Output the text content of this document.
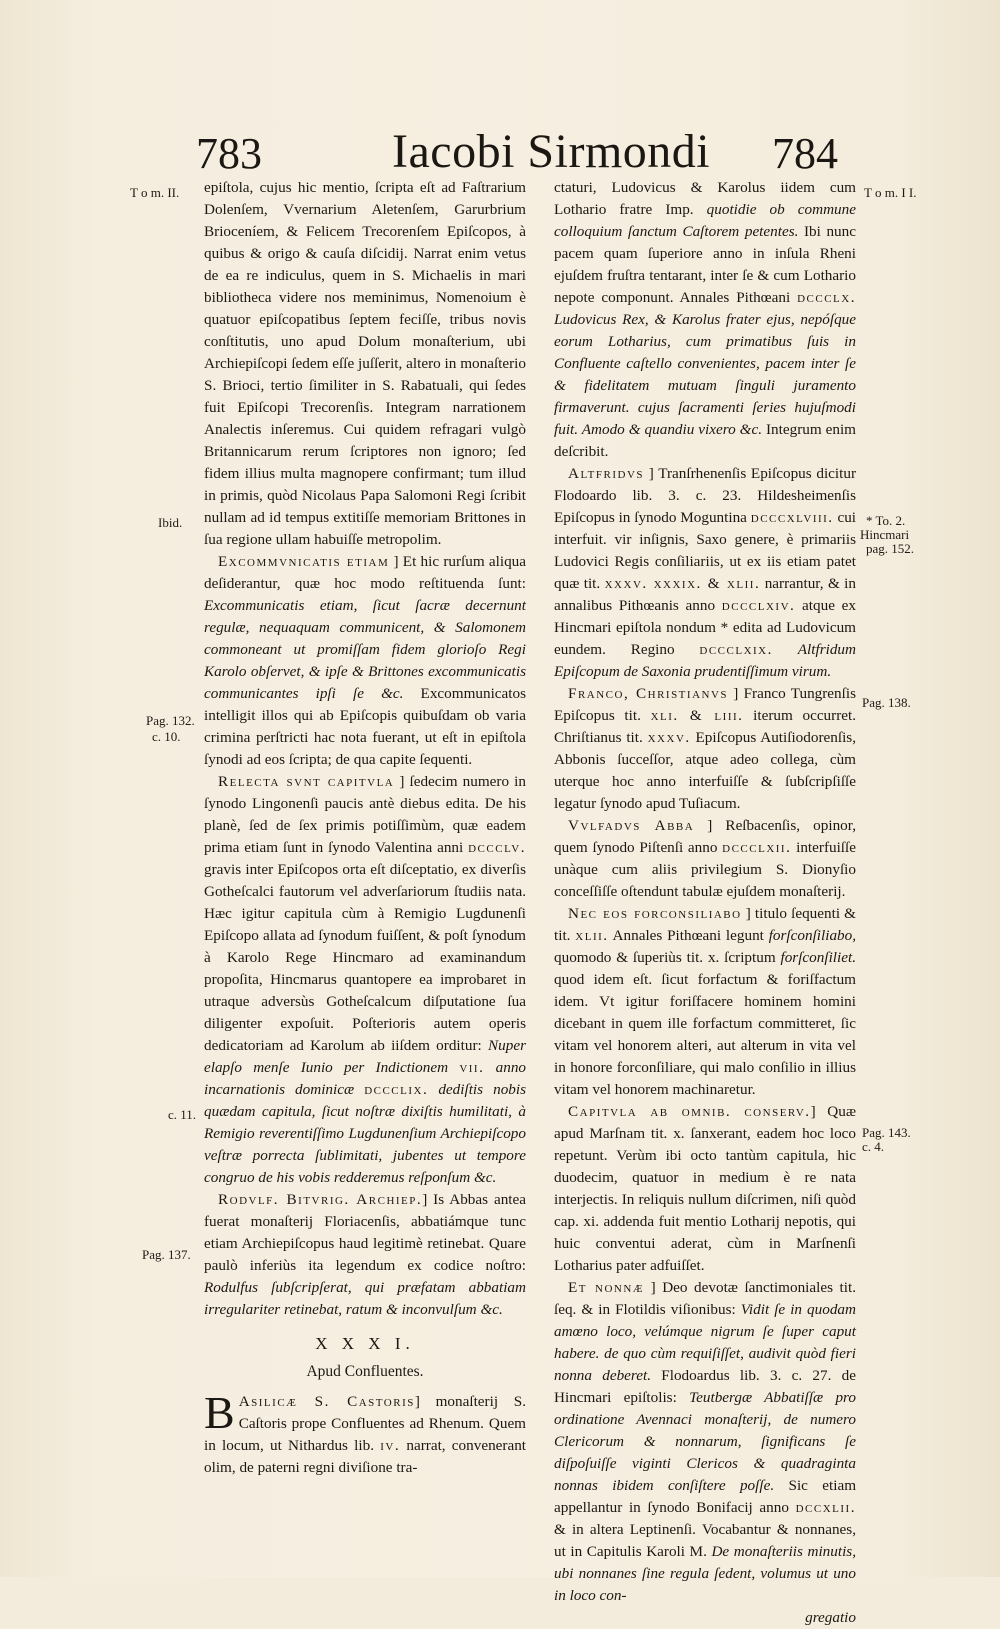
783	Iacobi Sirmondi 784
T o m. II.
Ibid.
Pag. 132.
c. 10.
c. 11.
Pag. 137.
T o m. I I.
* To. 2.
Hincmari
pag. 152.
Pag. 138.
Pag. 143.
c. 4.

epiſtola, cujus hic mentio, ſcripta eſt ad Faſtrarium Dolenſem, Vvernarium Aletenſem, Garurbrium Brioceníem, & Felicem Trecorenſem Epiſcopos, à quibus & origo & cauſa diſcidij. Narrat enim vetus de ea re indiculus, quem in S. Michaelis in mari bibliotheca videre nos meminimus, Nomenoium è quatuor epiſcopatibus ſeptem feciſſe, tribus novis conſtitutis, uno apud Dolum monaſterium, ubi Archiepiſcopi ſedem eſſe juſſerit, altero in monaſterio S. Brioci, tertio ſimiliter in S. Rabatuali, qui ſedes fuit Epiſcopi Trecorenſis. Integram narrationem Analectis inſeremus. Cui quidem refragari vulgò Britannicarum rerum ſcriptores non ignoro; ſed fidem illius multa magnopere confirmant; tum illud in primis, quòd Nicolaus Papa Salomoni Regi ſcribit nullam ad id tempus extitiſſe memoriam Brittones in ſua regione ullam habuiſſe metropolim.

Excommvnicatis etiam ] Et hic rurſum aliqua deſiderantur, quæ hoc modo reſtituenda ſunt: Excommunicatis etiam, ſicut ſacræ decernunt regulæ, nequaquam communicent, & Salomonem commoneant ut promiſſam fidem glorioſo Regi Karolo obſervet, & ipſe & Brittones excommunicatis communicantes ipſi ſe &c. Excommunicatos intelligit illos qui ab Epiſcopis quibuſdam ob varia crimina perſtricti hac nota fuerant, ut eſt in epiſtola ſynodi ad eos ſcripta; de qua capite ſequenti.

Relecta svnt capitvla ] ſedecim numero in ſynodo Lingonenſi paucis antè diebus edita. De his planè, ſed de ſex primis potiſſimùm, quæ eadem prima etiam ſunt in ſynodo Valentina anni dccclv. gravis inter Epiſcopos orta eſt diſceptatio, ex diverſis Gotheſcalci fautorum vel adverſariorum ſtudiis nata. Hæc igitur capitula cùm à Remigio Lugdunenſi Epiſcopo allata ad ſynodum fuiſſent, & poſt ſynodum à Karolo Rege Hincmaro ad examinandum propoſita, Hincmarus quantopere ea improbaret in utraque adversùs Gotheſcalcum diſputatione ſua diligenter expoſuit. Poſterioris autem operis dedicatoriam ad Karolum ab iiſdem orditur: Nuper elapſo menſe Iunio per Indictionem vii. anno incarnationis dominicæ dccclix. dediſtis nobis quædam capitula, ſicut noſtræ dixiſtis humilitati, à Remigio reverentiſſimo Lugdunenſium Archiepiſcopo veſtræ porrecta ſublimitati, jubentes ut tempore congruo de his vobis redderemus reſponſum &c.

Rodvlf. Bitvrig. Archiep.] Is Abbas antea fuerat monaſterij Floriacenſis, abbatiámque tunc etiam Archiepiſcopus haud legitimè retinebat. Quare paulò inferiùs ita legendum ex codice noſtro: Rodulfus ſubſcripſerat, qui præfatam abbatiam irregulariter retinebat, ratum & inconvulſum &c.

X X X I.

Apud Confluentes.

B Asilicæ S. Castoris] monaſterij S. Caſtoris prope Confluentes ad Rhenum. Quem in locum, ut Nithardus lib. iv. narrat, convenerant olim, de paterni regni diviſione tra-

ctaturi, Ludovicus & Karolus iidem cum Lothario fratre Imp. quotidie ob commune colloquium ſanctum Caſtorem petentes. Ibi nunc pacem quam ſuperiore anno in inſula Rheni ejuſdem fruſtra tentarant, inter ſe & cum Lothario nepote componunt. Annales Pithœani dccclx. Ludovicus Rex, & Karolus frater ejus, nepóſque eorum Lotharius, cum primatibus ſuis in Confluente caſtello convenientes, pacem inter ſe & fidelitatem mutuam ſinguli juramento firmaverunt. cujus ſacramenti ſeries hujuſmodi fuit. Amodo & quandiu vixero &c. Integrum enim deſcribit.

Altfridvs ] Tranſrhenenſis Epiſcopus dicitur Flodoardo lib. 3. c. 23. Hildesheimenſis Epiſcopus in ſynodo Moguntina dcccxlviii. cui interfuit. vir inſignis, Saxo genere, è primariis Ludovici Regis conſiliariis, ut ex iis etiam patet quæ tit. xxxv. xxxix. & xlii. narrantur, & in annalibus Pithœanis anno dccclxiv. atque ex Hincmari epiſtola nondum * edita ad Ludovicum eundem. Regino dccclxix. Altfridum Epiſcopum de Saxonia prudentiſſimum virum.

Franco, Christianvs ] Franco Tungrenſis Epiſcopus tit. xli. & liii. iterum occurret. Chriſtianus tit. xxxv. Epiſcopus Autiſiodorenſis, Abbonis ſucceſſor, atque adeo collega, cùm uterque hoc anno interfuiſſe & ſubſcripſiſſe legatur ſynodo apud Tuſiacum.

Vvlfadvs Abba ] Reſbacenſis, opinor, quem ſynodo Piſtenſi anno dccclxii. interfuiſſe unàque cum aliis privilegium S. Dionyſio conceſſiſſe oſtendunt tabulæ ejuſdem monaſterij.

Nec eos forconsiliabo ] titulo ſequenti & tit. xlii. Annales Pithœani legunt forſconſiliabo, quomodo & ſuperiùs tit. x. ſcriptum forſconſiliet. quod idem eſt. ſicut forfactum & foriſfactum idem. Vt igitur foriſfacere hominem homini dicebant in quem ille forfactum committeret, ſic vitam vel honorem alteri, aut alterum in vita vel in honore forconſiliare, qui malo conſilio in illius vitam vel honorem machinaretur.

Capitvla ab omnib. conserv.] Quæ apud Marſnam tit. x. ſanxerant, eadem hoc loco repetunt. Verùm ibi octo tantùm capitula, hic duodecim, quatuor in medium è re nata interjectis. In reliquis nullum diſcrimen, niſi quòd cap. xi. addenda fuit mentio Lotharij nepotis, qui huic conventui aderat, cùm in Marſnenſi Lotharius pater adfuiſſet.

Et nonnæ ] Deo devotæ ſanctimoniales tit. ſeq. & in Flotildis viſionibus: Vidit ſe in quodam amœno loco, velúmque nigrum ſe ſuper caput habere. de quo cùm requiſiſſet, audivit quòd fieri nonna deberet. Flodoardus lib. 3. c. 27. de Hincmari epiſtolis: Teutbergæ Abbatiſſæ pro ordinatione Avennaci monaſterij, de numero Clericorum & nonnarum, ſignificans ſe diſpoſuiſſe viginti Clericos & quadraginta nonnas ibidem conſiſtere poſſe. Sic etiam appellantur in ſynodo Bonifacij anno dccxlii. & in altera Leptinenſi. Vocabantur & nonnanes, ut in Capitulis Karoli M. De monaſteriis minutis, ubi nonnanes ſine regula ſedent, volumus ut uno in loco con-
gregatio
